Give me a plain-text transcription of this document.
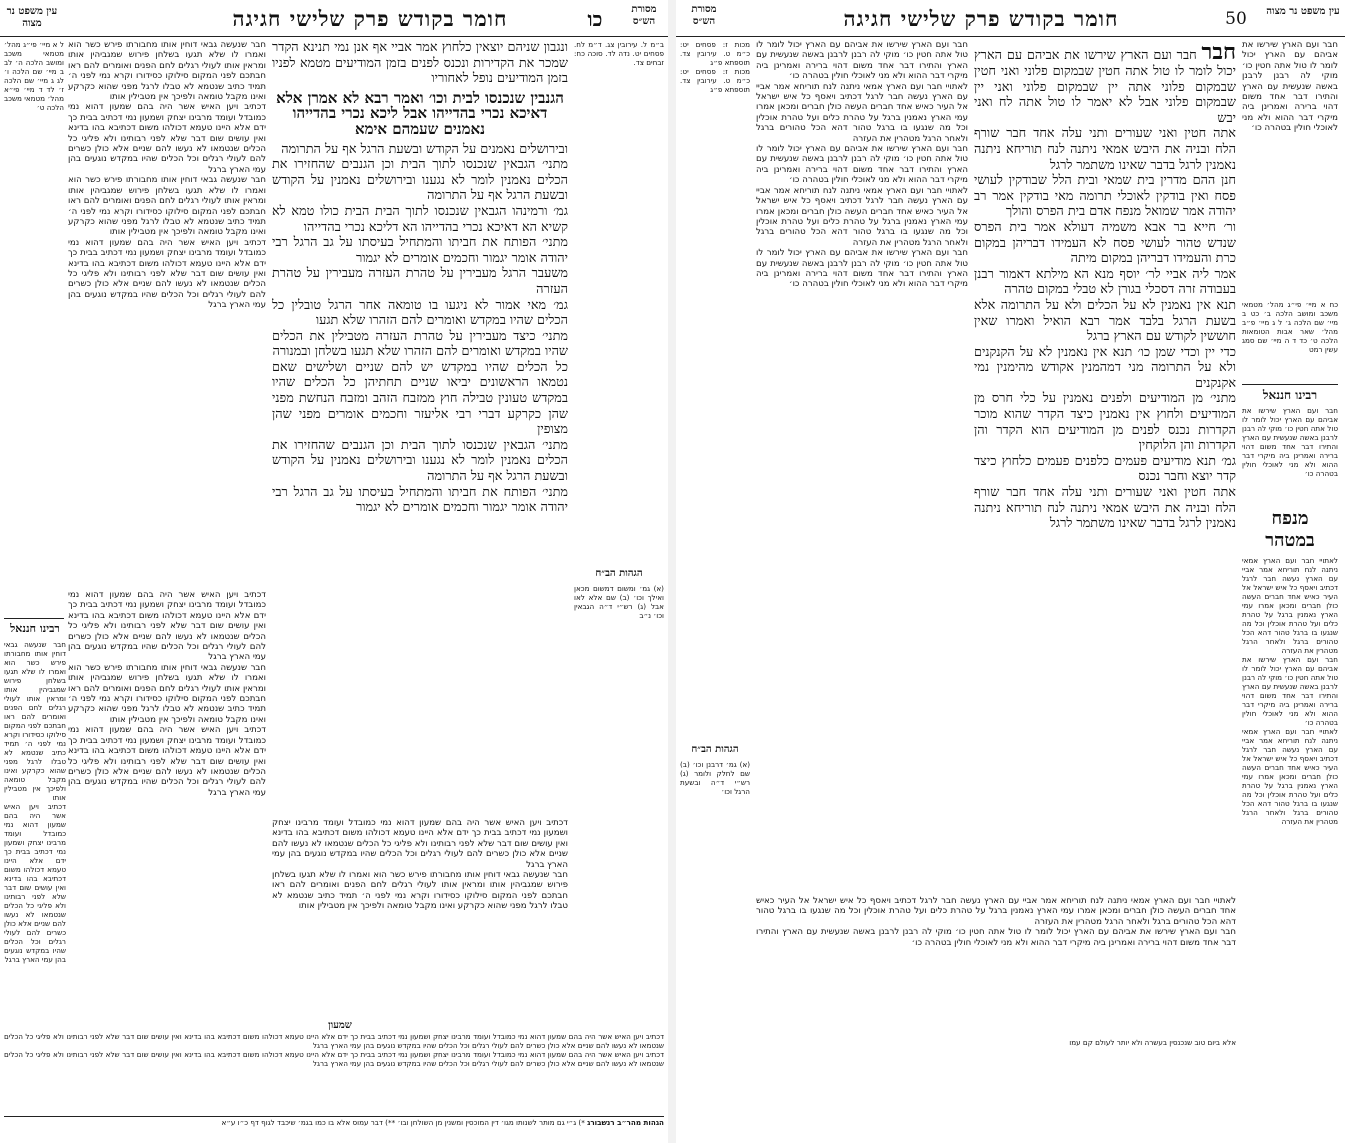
חומר בקודש פרק שלישי חגיגה	כו
עין משפט נר מצוה
מסורת הש״ס

ל א מיי׳ פי״ג מהל׳ מטמאי משכב ומושב הלכה ה׳ לב ב מיי׳ שם הלכה ו׳ לג ג מיי׳ שם הלכה ז׳ לד ד מיי׳ פי״א מהל׳ מטמאי משכב הלכה ט׳

חבר שנעשה גבאי דוחין אותו מחבורתו פירש כשר הוא ואמרו לו שלא תגעו בשלחן פירוש שמגביהין אותו ומראין אותו לעולי רגלים לחם הפנים ואומרים להם ראו חבתכם לפני המקום סילוקו כסידורו וקרא נמי לפני ה׳ תמיד כתיב שנטמא לא טבלו לרגל מפני שהוא כקרקע ואינו מקבל טומאה ולפיכך אין מטבילין אותו

דכתיב ויען האיש אשר היה בהם שמעון דהוא נמי כמובדל ועומד מרבינו יצחק ושמעון נמי דכתיב בבית כך ידם אלא היינו טעמא דכולהו משום דכתיבא בהו בדינא ואין עושים שום דבר שלא לפני רבותינו ולא פליגי כל הכלים שנטמאו לא נעשו להם שניים אלא כולן כשרים להם לעולי רגלים וכל הכלים שהיו במקדש נוגעים בהן עמי הארץ ברגל

חבר שנעשה גבאי דוחין אותו מחבורתו פירש כשר הוא ואמרו לו שלא תגעו בשלחן פירוש שמגביהין אותו ומראין אותו לעולי רגלים לחם הפנים ואומרים להם ראו חבתכם לפני המקום סילוקו כסידורו וקרא נמי לפני ה׳ תמיד כתיב שנטמא לא טבלו לרגל מפני שהוא כקרקע ואינו מקבל טומאה ולפיכך אין מטבילין אותו

דכתיב ויען האיש אשר היה בהם שמעון דהוא נמי כמובדל ועומד מרבינו יצחק ושמעון נמי דכתיב בבית כך ידם אלא היינו טעמא דכולהו משום דכתיבא בהו בדינא ואין עושים שום דבר שלא לפני רבותינו ולא פליגי כל הכלים שנטמאו לא נעשו להם שניים אלא כולן כשרים להם לעולי רגלים וכל הכלים שהיו במקדש נוגעים בהן עמי הארץ ברגל

ונגבון שניהם יוצאין כלחוץ אמר אביי אף אנן נמי תנינא הקדר שמכר את הקדירות ונכנס לפנים בזמן המודיעים מטמא לפניו בזמן המודיעים נופל לאחוריו

הגנבין שנכנסו לבית וכו׳ ואמר רבא לא אמרן אלא דאיכא נכרי בהדייהו אבל ליכא נכרי בהדייהו נאמנים שעמהם אימא

ובירושלים נאמנים על הקודש ובשעת הרגל אף על התרומה

מתני׳ הגבאין שנכנסו לתוך הבית וכן הגנבים שהחזירו את הכלים נאמנין לומר לא נגענו ובירושלים נאמנין על הקודש ובשעת הרגל אף על התרומה

גמ׳ ורמינהו הגבאין שנכנסו לתוך הבית הבית כולו טמא לא קשיא הא דאיכא נכרי בהדייהו הא דליכא נכרי בהדייהו

מתני׳ הפותח את חביתו והמתחיל בעיסתו על גב הרגל רבי יהודה אומר יגמור וחכמים אומרים לא יגמור

משעבר הרגל מעבירין על טהרת העזרה מעבירין על טהרת העזרה

גמ׳ מאי אמור לא ניגעו בו טומאה אחר הרגל טובלין כל הכלים שהיו במקדש ואומרים להם הזהרו שלא תגעו

מתני׳ כיצד מעבירין על טהרת העזרה מטבילין את הכלים שהיו במקדש ואומרים להם הזהרו שלא תגעו בשלחן ובמנורה

כל הכלים שהיו במקדש יש להם שניים ושלישים שאם נטמאו הראשונים יביאו שניים תחתיהן כל הכלים שהיו במקדש טעונין טבילה חוץ ממזבח הזהב ומזבח הנחשת מפני שהן כקרקע דברי רבי אליעזר וחכמים אומרים מפני שהן מצופין

מתני׳ הגבאין שנכנסו לתוך הבית וכן הגנבים שהחזירו את הכלים נאמנין לומר לא נגענו ובירושלים נאמנין על הקודש ובשעת הרגל אף על התרומה

מתני׳ הפותח את חביתו והמתחיל בעיסתו על גב הרגל רבי יהודה אומר יגמור וחכמים אומרים לא יגמור

ב״מ ל. עירובין צג. ד״מ לח. פסחים יט. נדה לד. סוכה כח: זבחים צד.

הגהות הב״ח

(א) גמ׳ ומשום דמשום מכאן ואילך וכו׳ (ב) שם אלא לאו אבל (ג) רש״י ד״ה הגבאין וכו׳ נ״ב

רבינו חננאל

חבר שנעשה גבאי דוחין אותו מחבורתו פירש כשר הוא ואמרו לו שלא תגעו בשלחן פירוש שמגביהין אותו ומראין אותו לעולי רגלים לחם הפנים ואומרים להם ראו חבתכם לפני המקום סילוקו כסידורו וקרא נמי לפני ה׳ תמיד כתיב שנטמא לא טבלו לרגל מפני שהוא כקרקע ואינו מקבל טומאה ולפיכך אין מטבילין אותו

דכתיב ויען האיש אשר היה בהם שמעון דהוא נמי כמובדל ועומד מרבינו יצחק ושמעון נמי דכתיב בבית כך ידם אלא היינו טעמא דכולהו משום דכתיבא בהו בדינא ואין עושים שום דבר שלא לפני רבותינו ולא פליגי כל הכלים שנטמאו לא נעשו להם שניים אלא כולן כשרים להם לעולי רגלים וכל הכלים שהיו במקדש נוגעים בהן עמי הארץ ברגל

דכתיב ויען האיש אשר היה בהם שמעון דהוא נמי כמובדל ועומד מרבינו יצחק ושמעון נמי דכתיב בבית כך ידם אלא היינו טעמא דכולהו משום דכתיבא בהו בדינא ואין עושים שום דבר שלא לפני רבותינו ולא פליגי כל הכלים שנטמאו לא נעשו להם שניים אלא כולן כשרים להם לעולי רגלים וכל הכלים שהיו במקדש נוגעים בהן עמי הארץ ברגל

חבר שנעשה גבאי דוחין אותו מחבורתו פירש כשר הוא ואמרו לו שלא תגעו בשלחן פירוש שמגביהין אותו ומראין אותו לעולי רגלים לחם הפנים ואומרים להם ראו חבתכם לפני המקום סילוקו כסידורו וקרא נמי לפני ה׳ תמיד כתיב שנטמא לא טבלו לרגל מפני שהוא כקרקע ואינו מקבל טומאה ולפיכך אין מטבילין אותו

דכתיב ויען האיש אשר היה בהם שמעון דהוא נמי כמובדל ועומד מרבינו יצחק ושמעון נמי דכתיב בבית כך ידם אלא היינו טעמא דכולהו משום דכתיבא בהו בדינא ואין עושים שום דבר שלא לפני רבותינו ולא פליגי כל הכלים שנטמאו לא נעשו להם שניים אלא כולן כשרים להם לעולי רגלים וכל הכלים שהיו במקדש נוגעים בהן עמי הארץ ברגל

דכתיב ויען האיש אשר היה בהם שמעון דהוא נמי כמובדל ועומד מרבינו יצחק ושמעון נמי דכתיב בבית כך ידם אלא היינו טעמא דכולהו משום דכתיבא בהו בדינא ואין עושים שום דבר שלא לפני רבותינו ולא פליגי כל הכלים שנטמאו לא נעשו להם שניים אלא כולן כשרים להם לעולי רגלים וכל הכלים שהיו במקדש נוגעים בהן עמי הארץ ברגל

חבר שנעשה גבאי דוחין אותו מחבורתו פירש כשר הוא ואמרו לו שלא תגעו בשלחן פירוש שמגביהין אותו ומראין אותו לעולי רגלים לחם הפנים ואומרים להם ראו חבתכם לפני המקום סילוקו כסידורו וקרא נמי לפני ה׳ תמיד כתיב שנטמא לא טבלו לרגל מפני שהוא כקרקע ואינו מקבל טומאה ולפיכך אין מטבילין אותו

שמעון

דכתיב ויען האיש אשר היה בהם שמעון דהוא נמי כמובדל ועומד מרבינו יצחק ושמעון נמי דכתיב בבית כך ידם אלא היינו טעמא דכולהו משום דכתיבא בהו בדינא ואין עושים שום דבר שלא לפני רבותינו ולא פליגי כל הכלים שנטמאו לא נעשו להם שניים אלא כולן כשרים להם לעולי רגלים וכל הכלים שהיו במקדש נוגעים בהן עמי הארץ ברגל

דכתיב ויען האיש אשר היה בהם שמעון דהוא נמי כמובדל ועומד מרבינו יצחק ושמעון נמי דכתיב בבית כך ידם אלא היינו טעמא דכולהו משום דכתיבא בהו בדינא ואין עושים שום דבר שלא לפני רבותינו ולא פליגי כל הכלים שנטמאו לא נעשו להם שניים אלא כולן כשרים להם לעולי רגלים וכל הכלים שהיו במקדש נוגעים בהן עמי הארץ ברגל

הגהות מהר״ב רנשבורג *) ג״י גם מותר לשנותו מגו׳ דין המוכסין ומשנין מן השולחן ובו׳ **) דבר עמוס אלא בו כמו בגמ׳ שיכבד לגוף דף כ״ו ע״א

מסורת הש״ס	חומר בקודש פרק שלישי חגיגה	50 עין משפט נר מצוה

מכות ז: פסחים יט: כ״מ ט. עירובין צד. תוספתא פ״ג

מכות ז: פסחים יט: כ״מ ט. עירובין צד. תוספתא פ״ג

הגהות הב״ח

(א) גמ׳ דרבנן וכו׳ (ב) שם לחלק ולומר (ג) רש״י ד״ה ובשעת הרגל וכו׳

חבר ועם הארץ שירשו את אביהם עם הארץ יכול לומר לו טול אתה חטין כו׳ מוקי לה רבנן לרבנן באשה שנעשית עם הארץ והתירו דבר אחד משום דהוי ברירה ואמרינן ביה מיקרי דבר ההוא ולא מני לאוכלי חולין בטהרה כו׳

לאתויי חבר ועם הארץ אמאי ניתנה לנח תוריחא אמר אביי עם הארץ נעשה חבר לרגל דכתיב ויאסף כל איש ישראל אל העיר כאיש אחד חברים העשה כולן חברים ומכאן אמרו עמי הארץ נאמנין ברגל על טהרת כלים ועל טהרת אוכלין וכל מה שנגעו בו ברגל טהור דהא הכל טהורים ברגל ולאחר הרגל מטהרין את העזרה

חבר ועם הארץ שירשו את אביהם עם הארץ יכול לומר לו טול אתה חטין כו׳ מוקי לה רבנן לרבנן באשה שנעשית עם הארץ והתירו דבר אחד משום דהוי ברירה ואמרינן ביה מיקרי דבר ההוא ולא מני לאוכלי חולין בטהרה כו׳

לאתויי חבר ועם הארץ אמאי ניתנה לנח תוריחא אמר אביי עם הארץ נעשה חבר לרגל דכתיב ויאסף כל איש ישראל אל העיר כאיש אחד חברים העשה כולן חברים ומכאן אמרו עמי הארץ נאמנין ברגל על טהרת כלים ועל טהרת אוכלין וכל מה שנגעו בו ברגל טהור דהא הכל טהורים ברגל ולאחר הרגל מטהרין את העזרה

חבר ועם הארץ שירשו את אביהם עם הארץ יכול לומר לו טול אתה חטין כו׳ מוקי לה רבנן לרבנן באשה שנעשית עם הארץ והתירו דבר אחד משום דהוי ברירה ואמרינן ביה מיקרי דבר ההוא ולא מני לאוכלי חולין בטהרה כו׳

חבר חבר ועם הארץ שירשו את אביהם עם הארץ יכול לומר לו טול אתה חטין שבמקום פלוני ואני חטין שבמקום פלוני אתה יין שבמקום פלוני ואני יין שבמקום פלוני אבל לא יאמר לו טול אתה לח ואני יבש

אתה חטין ואני שעורים ותני עלה אחד חבר שורף הלח ובניה את היבש אמאי ניתנה לנח תוריחא ניתנה נאמנין לרגל בדבר שאינו משתמר לרגל

חנן ההם מדרין בית שמאי ובית הלל שבודקין לעושי פסח ואין בודקין לאוכלי תרומה מאי בודקין אמר רב יהודה אמר שמואל מנפח אדם בית הפרס והולך

ור׳ חייא בר אבא משמיה דעולא אמר בית הפרס שנדש טהור לעושי פסח לא העמידו דבריהן במקום כרת והעמידו דבריהן במקום מיתה

אמר ליה אביי לר׳ יוסף מנא הא מילתא דאמור רבנן בעבודה זרה דסכלי בגורן לא טבלי במקום טהרה

תנא אין נאמנין לא על הכלים ולא על התרומה אלא בשעת הרגל בלבד אמר רבא הואיל ואמרו שאין חוששין לקודש עם הארץ ברגל

כדי יין וכדי שמן כו׳ תנא אין נאמנין לא על הקנקנים ולא על התרומה מני דמהמנין אקודש מהימנין נמי אקנקנים

מתני׳ מן המודיעים ולפנים נאמנין על כלי חרס מן המודיעים ולחוץ אין נאמנין כיצד הקדר שהוא מוכר הקדרות נכנס לפנים מן המודיעים הוא הקדר והן הקדרות והן הלוקחין

גמ׳ תנא מודיעים פעמים כלפנים פעמים כלחוץ כיצד קדר יוצא וחבר נכנס

אתה חטין ואני שעורים ותני עלה אחד חבר שורף הלח ובניה את היבש אמאי ניתנה לנח תוריחא ניתנה נאמנין לרגל בדבר שאינו משתמר לרגל

חבר ועם הארץ שירשו את אביהם עם הארץ יכול לומר לו טול אתה חטין כו׳ מוקי לה רבנן לרבנן באשה שנעשית עם הארץ והתירו דבר אחד משום דהוי ברירה ואמרינן ביה מיקרי דבר ההוא ולא מני לאוכלי חולין בטהרה כו׳

כח א מיי׳ פי״ג מהל׳ מטמאי משכב ומושב הלכה ב׳ כט ב מיי׳ שם הלכה ג׳ ל ג מיי׳ פ״ב מהל׳ שאר אבות הטומאות הלכה ט׳ כד ד ה מיי׳ שם סמג עשין רמט

רבינו חננאל

חבר ועם הארץ שירשו את אביהם עם הארץ יכול לומר לו טול אתה חטין כו׳ מוקי לה רבנן לרבנן באשה שנעשית עם הארץ והתירו דבר אחד משום דהוי ברירה ואמרינן ביה מיקרי דבר ההוא ולא מני לאוכלי חולין בטהרה כו׳

מנפח
במטהר

לאתויי חבר ועם הארץ אמאי ניתנה לנח תוריחא אמר אביי עם הארץ נעשה חבר לרגל דכתיב ויאסף כל איש ישראל אל העיר כאיש אחד חברים העשה כולן חברים ומכאן אמרו עמי הארץ נאמנין ברגל על טהרת כלים ועל טהרת אוכלין וכל מה שנגעו בו ברגל טהור דהא הכל טהורים ברגל ולאחר הרגל מטהרין את העזרה

חבר ועם הארץ שירשו את אביהם עם הארץ יכול לומר לו טול אתה חטין כו׳ מוקי לה רבנן לרבנן באשה שנעשית עם הארץ והתירו דבר אחד משום דהוי ברירה ואמרינן ביה מיקרי דבר ההוא ולא מני לאוכלי חולין בטהרה כו׳

לאתויי חבר ועם הארץ אמאי ניתנה לנח תוריחא אמר אביי עם הארץ נעשה חבר לרגל דכתיב ויאסף כל איש ישראל אל העיר כאיש אחד חברים העשה כולן חברים ומכאן אמרו עמי הארץ נאמנין ברגל על טהרת כלים ועל טהרת אוכלין וכל מה שנגעו בו ברגל טהור דהא הכל טהורים ברגל ולאחר הרגל מטהרין את העזרה

לאתויי חבר ועם הארץ אמאי ניתנה לנח תוריחא אמר אביי עם הארץ נעשה חבר לרגל דכתיב ויאסף כל איש ישראל אל העיר כאיש אחד חברים העשה כולן חברים ומכאן אמרו עמי הארץ נאמנין ברגל על טהרת כלים ועל טהרת אוכלין וכל מה שנגעו בו ברגל טהור דהא הכל טהורים ברגל ולאחר הרגל מטהרין את העזרה

חבר ועם הארץ שירשו את אביהם עם הארץ יכול לומר לו טול אתה חטין כו׳ מוקי לה רבנן לרבנן באשה שנעשית עם הארץ והתירו דבר אחד משום דהוי ברירה ואמרינן ביה מיקרי דבר ההוא ולא מני לאוכלי חולין בטהרה כו׳

אלא ביום טוב שנכנסין בעשרה ולא יותר לעולם קם עמו
